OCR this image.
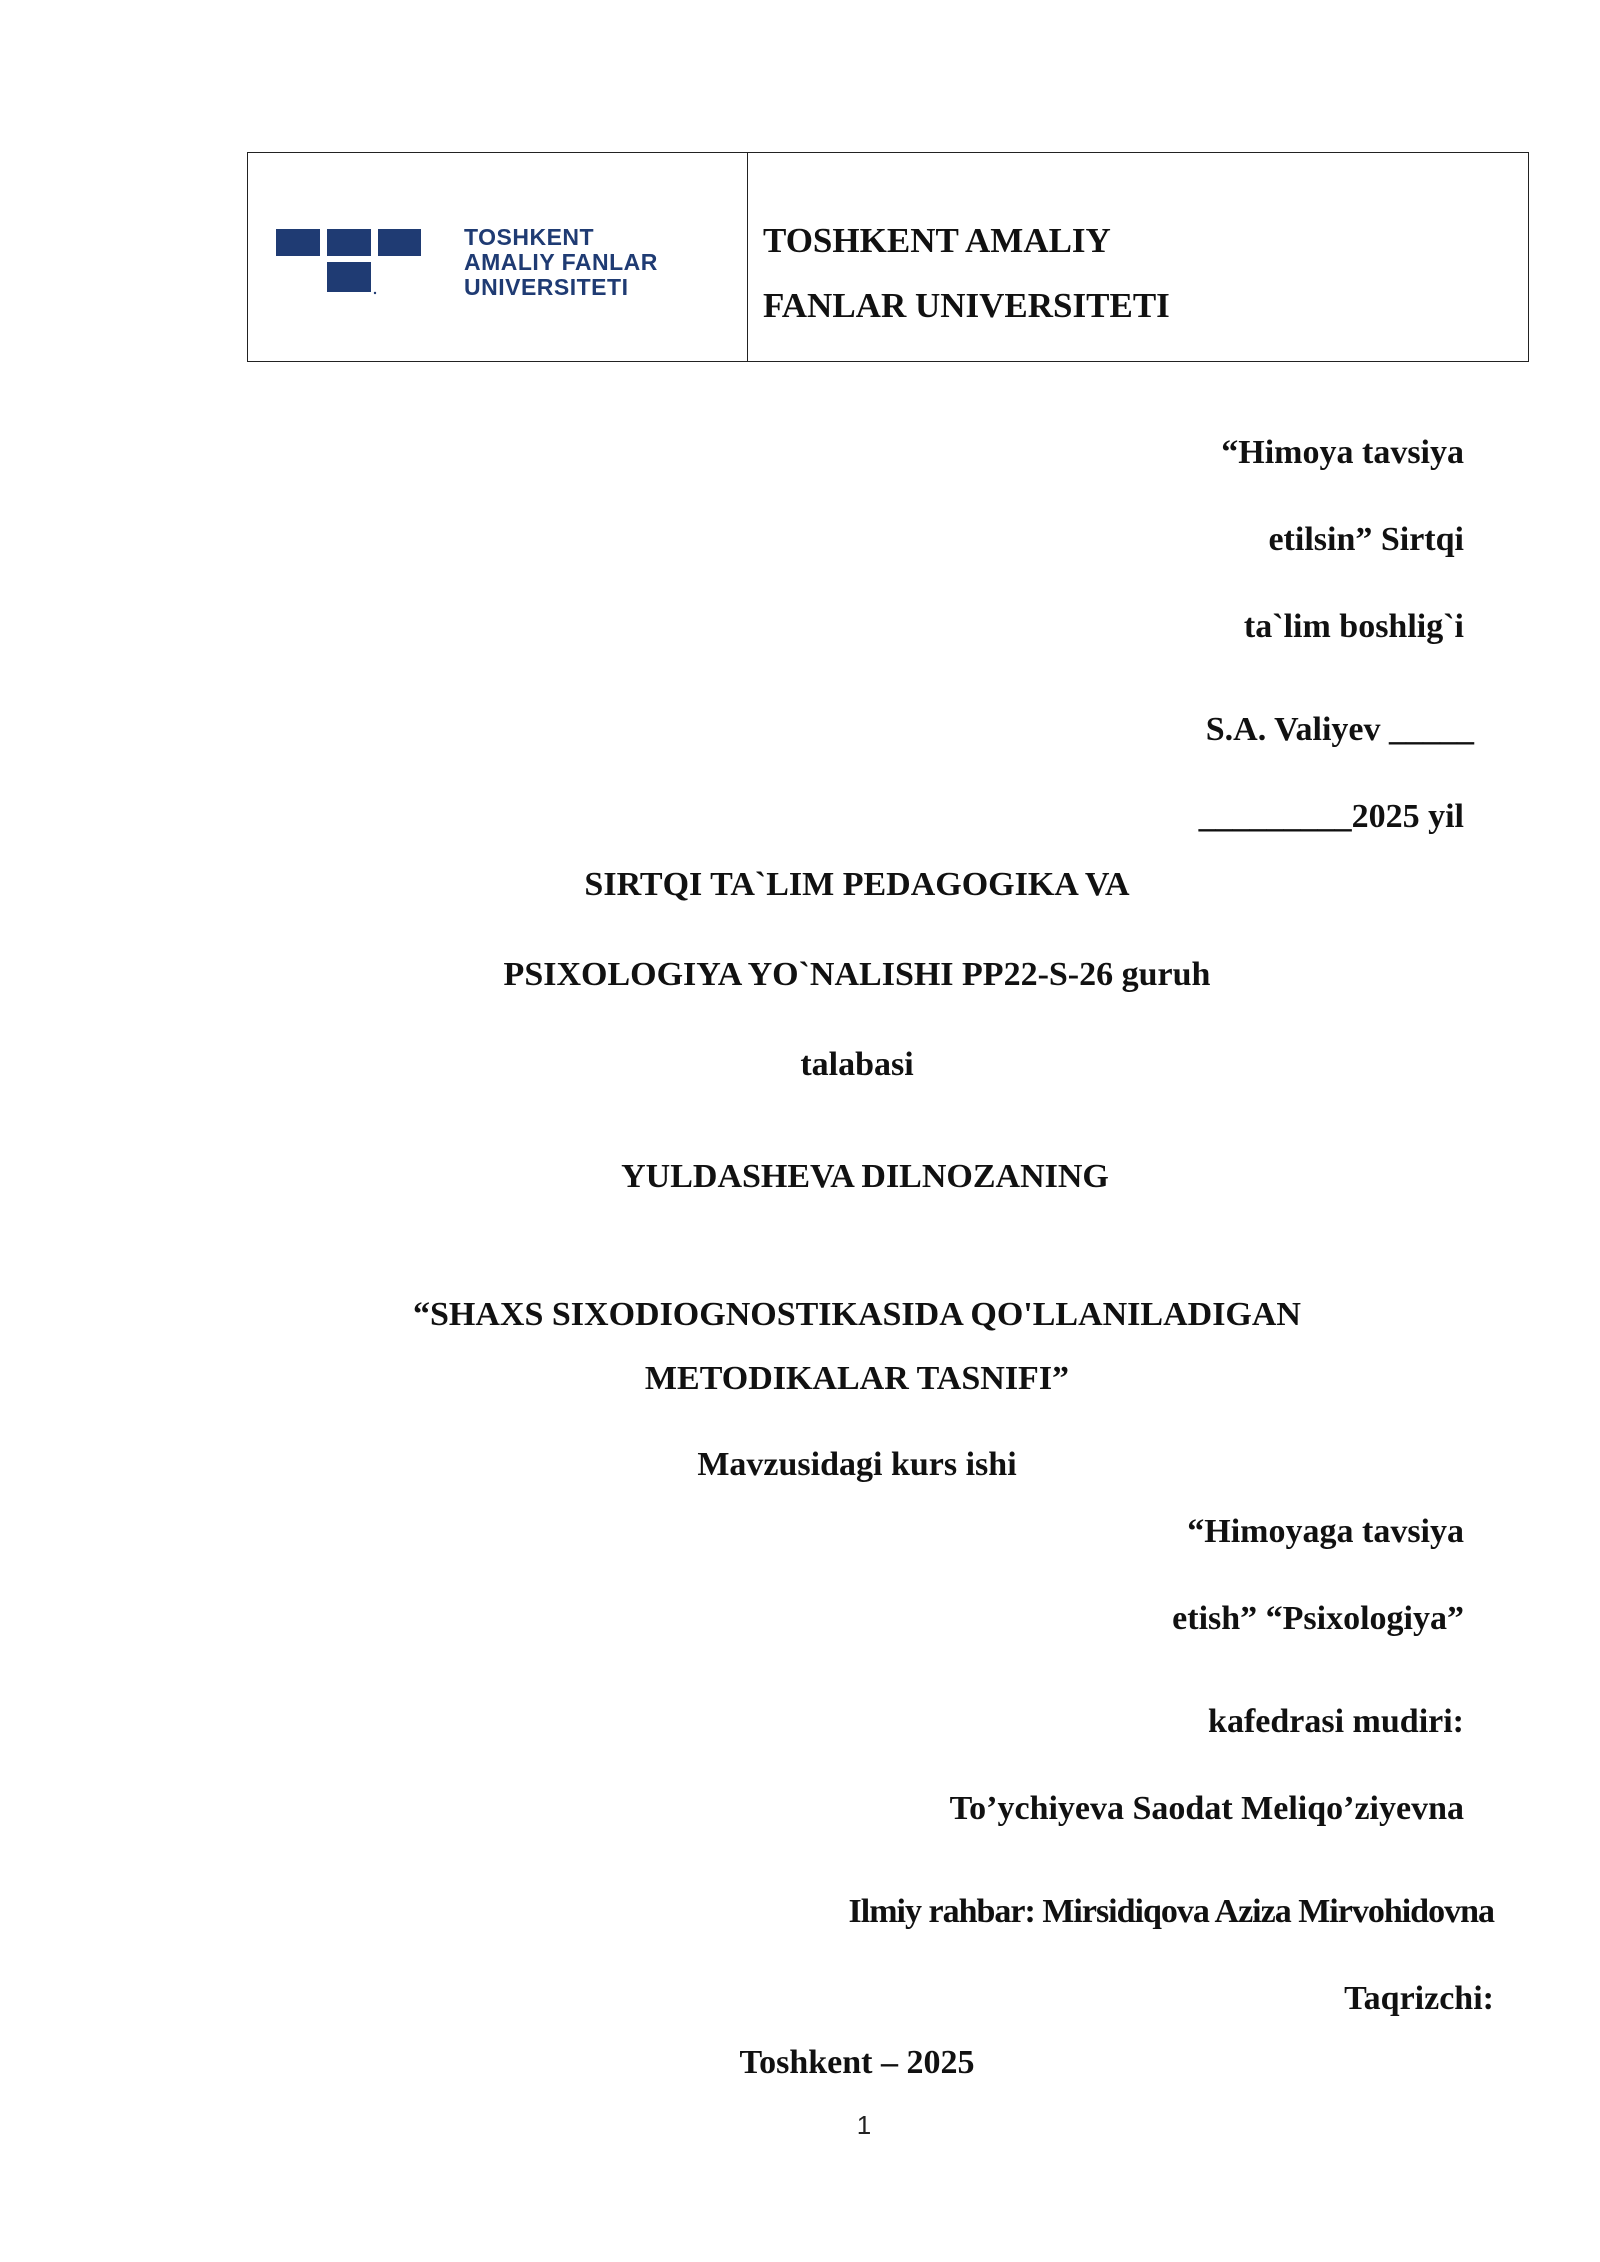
TOSHKENT
AMALIY FANLAR
UNIVERSITETI
TOSHKENT AMALIY
FANLAR UNIVERSITETI
“Himoya tavsiya
etilsin” Sirtqi
ta`lim boshlig`i
S.A. Valiyev _____
_________2025 yil
SIRTQI TA`LIM PEDAGOGIKA VA
PSIXOLOGIYA YO`NALISHI PP22-S-26 guruh
talabasi
YULDASHEVA DILNOZANING
“SHAXS SIXODIOGNOSTIKASIDA QO'LLANILADIGAN
METODIKALAR TASNIFI”
Mavzusidagi kurs ishi
“Himoyaga tavsiya
etish” “Psixologiya”
kafedrasi mudiri:
To’ychiyeva Saodat Meliqo’ziyevna
Ilmiy rahbar: Mirsidiqova Aziza Mirvohidovna
Taqrizchi:
Toshkent – 2025
1
